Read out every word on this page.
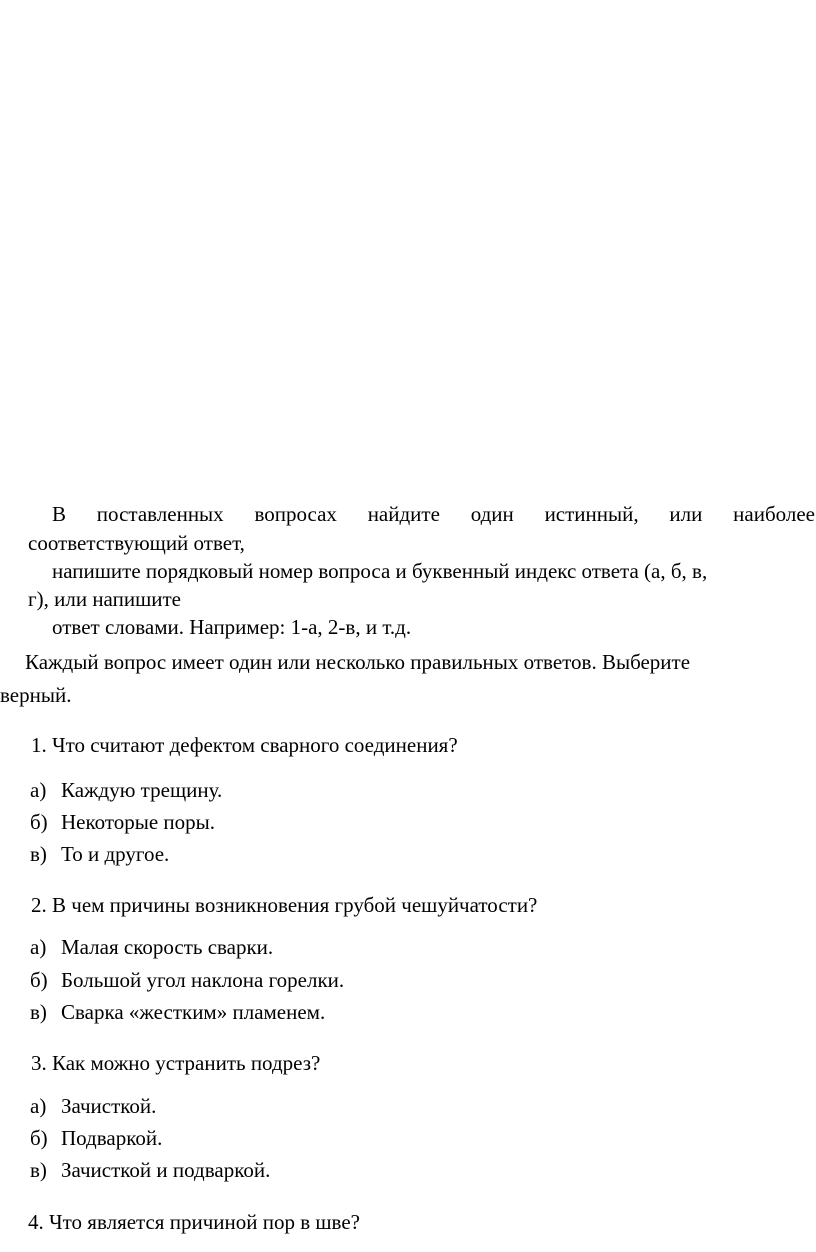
В поставленных вопросах найдите один истинный, или наиболее
соответствующий ответ,
напишите порядковый номер вопроса и буквенный индекс ответа (а, б, в,
г), или напишите
ответ словами. Например: 1-а, 2-в, и т.д.
Каждый вопрос имеет один или несколько правильных ответов. Выберите
верный.
1. Что считают дефектом сварного соединения?
а) Каждую трещину.
б) Некоторые поры.
в) То и другое.
2. В чем причины возникновения грубой чешуйчатости?
а) Малая скорость сварки.
б) Большой угол наклона горелки.
в) Сварка «жестким» пламенем.
3. Как можно устранить подрез?
а) Зачисткой.
б) Подваркой.
в) Зачисткой и подваркой.
4. Что является причиной пор в шве?
